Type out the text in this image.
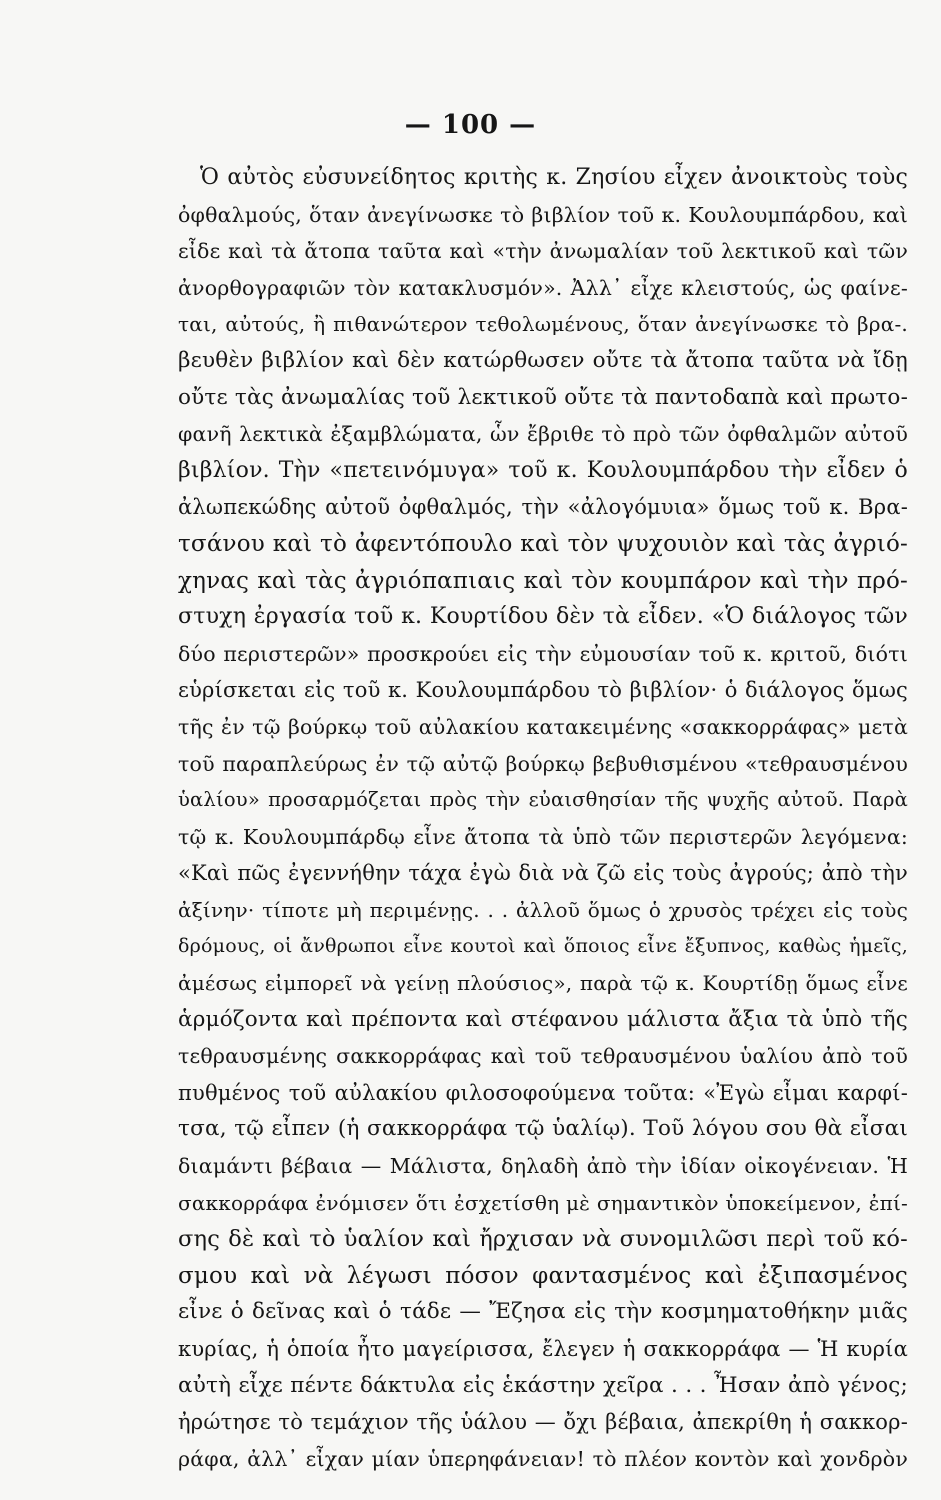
— 100 —
Ὁ αὐτὸς εὐσυνείδητος κριτὴς κ. Ζησίου εἶχεν ἀνοικτοὺς τοὺς
ὀφθαλμούς, ὅταν ἀνεγίνωσκε τὸ βιβλίον τοῦ κ. Κουλουμπάρδου, καὶ
εἶδε καὶ τὰ ἄτοπα ταῦτα καὶ «τὴν ἀνωμαλίαν τοῦ λεκτικοῦ καὶ τῶν
ἀνορθογραφιῶν τὸν κατακλυσμόν». Ἀλλ᾿ εἶχε κλειστούς, ὡς φαίνε-
ται, αὐτούς, ἢ πιθανώτερον τεθολωμένους, ὅταν ἀνεγίνωσκε τὸ βρα-.
βευθὲν βιβλίον καὶ δὲν κατώρθωσεν οὔτε τὰ ἄτοπα ταῦτα νὰ ἴδῃ
οὔτε τὰς ἀνωμαλίας τοῦ λεκτικοῦ οὔτε τὰ παντοδαπὰ καὶ πρωτο-
φανῆ λεκτικὰ ἐξαμβλώματα, ὧν ἔβριθε τὸ πρὸ τῶν ὀφθαλμῶν αὐτοῦ
βιβλίον. Τὴν «πετεινόμυγα» τοῦ κ. Κουλουμπάρδου τὴν εἶδεν ὁ
ἀλωπεκώδης αὐτοῦ ὀφθαλμός, τὴν «ἀλογόμυια» ὅμως τοῦ κ. Βρα-
τσάνου καὶ τὸ ἀφεντόπουλο καὶ τὸν ψυχουιὸν καὶ τὰς ἀγριό-
χηνας καὶ τὰς ἀγριόπαπιαις καὶ τὸν κουμπάρον καὶ τὴν πρό-
στυχη ἐργασία τοῦ κ. Κουρτίδου δὲν τὰ εἶδεν. «Ὁ διάλογος τῶν
δύο περιστερῶν» προσκρούει εἰς τὴν εὐμουσίαν τοῦ κ. κριτοῦ, διότι
εὑρίσκεται εἰς τοῦ κ. Κουλουμπάρδου τὸ βιβλίον· ὁ διάλογος ὅμως
τῆς ἐν τῷ βούρκῳ τοῦ αὐλακίου κατακειμένης «σακκορράφας» μετὰ
τοῦ παραπλεύρως ἐν τῷ αὐτῷ βούρκῳ βεβυθισμένου «τεθραυσμένου
ὑαλίου» προσαρμόζεται πρὸς τὴν εὐαισθησίαν τῆς ψυχῆς αὐτοῦ. Παρὰ
τῷ κ. Κουλουμπάρδῳ εἶνε ἄτοπα τὰ ὑπὸ τῶν περιστερῶν λεγόμενα:
«Καὶ πῶς ἐγεννήθην τάχα ἐγὼ διὰ νὰ ζῶ εἰς τοὺς ἀγρούς; ἀπὸ τὴν
ἀξίνην· τίποτε μὴ περιμένῃς. . . ἀλλοῦ ὅμως ὁ χρυσὸς τρέχει εἰς τοὺς
δρόμους, οἱ ἄνθρωποι εἶνε κουτοὶ καὶ ὅποιος εἶνε ἔξυπνος, καθὼς ἡμεῖς,
ἀμέσως εἰμπορεῖ νὰ γείνῃ πλούσιος», παρὰ τῷ κ. Κουρτίδῃ ὅμως εἶνε
ἁρμόζοντα καὶ πρέποντα καὶ στέφανου μάλιστα ἄξια τὰ ὑπὸ τῆς
τεθραυσμένης σακκορράφας καὶ τοῦ τεθραυσμένου ὑαλίου ἀπὸ τοῦ
πυθμένος τοῦ αὐλακίου φιλοσοφούμενα τοῦτα: «Ἐγὼ εἶμαι καρφί-
τσα, τῷ εἶπεν (ἡ σακκορράφα τῷ ὑαλίῳ). Τοῦ λόγου σου θὰ εἶσαι
διαμάντι βέβαια — Μάλιστα, δηλαδὴ ἀπὸ τὴν ἰδίαν οἰκογένειαν. Ἡ
σακκορράφα ἐνόμισεν ὅτι ἐσχετίσθη μὲ σημαντικὸν ὑποκείμενον, ἐπί-
σης δὲ καὶ τὸ ὑαλίον καὶ ἤρχισαν νὰ συνομιλῶσι περὶ τοῦ κό-
σμου καὶ νὰ λέγωσι πόσον φαντασμένος καὶ ἐξιπασμένος
εἶνε ὁ δεῖνας καὶ ὁ τάδε — Ἔζησα εἰς τὴν κοσμηματοθήκην μιᾶς
κυρίας, ἡ ὁποία ἦτο μαγείρισσα, ἔλεγεν ἡ σακκορράφα — Ἡ κυρία
αὐτὴ εἶχε πέντε δάκτυλα εἰς ἑκάστην χεῖρα . . . Ἦσαν ἀπὸ γένος;
ἠρώτησε τὸ τεμάχιον τῆς ὑάλου — ὄχι βέβαια, ἀπεκρίθη ἡ σακκορ-
ράφα, ἀλλ᾿ εἶχαν μίαν ὑπερηφάνειαν! τὸ πλέον κοντὸν καὶ χονδρὸν
